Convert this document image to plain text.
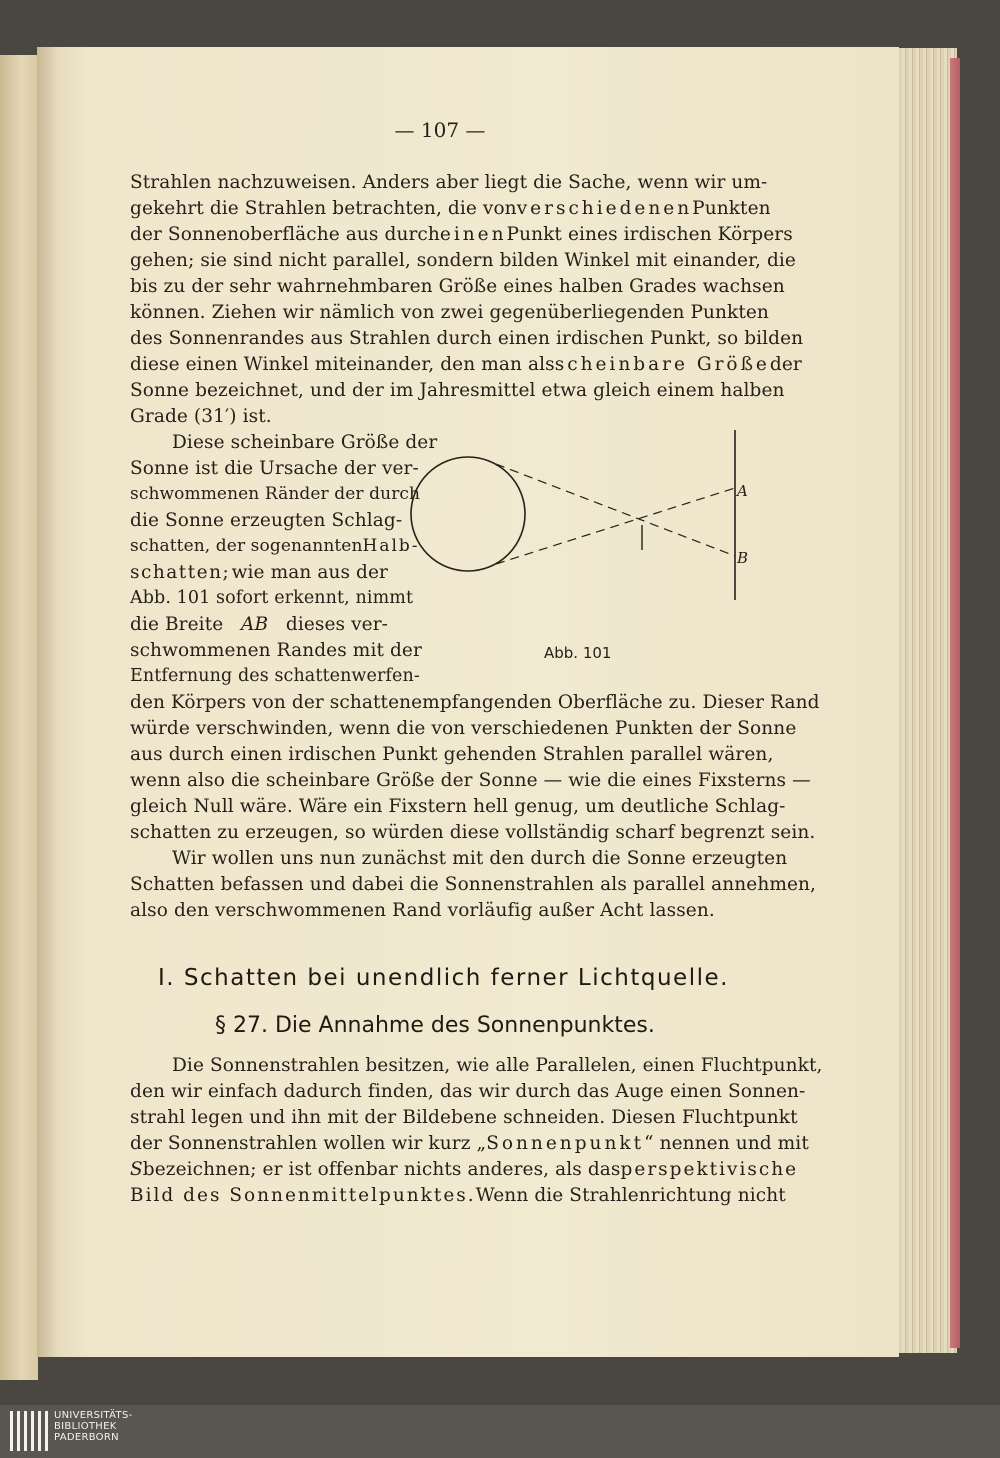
— 107 —
Strahlen nachzuweisen. Anders aber liegt die Sache, wenn wir um-
gekehrt die Strahlen betrachten, die von verschiedenen Punkten
der Sonnenoberfläche aus durch einen Punkt eines irdischen Körpers
gehen; sie sind nicht parallel, sondern bilden Winkel mit einander, die
bis zu der sehr wahrnehmbaren Größe eines halben Grades wachsen
können. Ziehen wir nämlich von zwei gegenüberliegenden Punkten
des Sonnenrandes aus Strahlen durch einen irdischen Punkt, so bilden
diese einen Winkel miteinander, den man als scheinbare Größe der
Sonne bezeichnet, und der im Jahresmittel etwa gleich einem halben
Grade (31′) ist.
Diese scheinbare Größe der
Sonne ist die Ursache der ver-
schwommenen Ränder der durch
die Sonne erzeugten Schlag-
schatten, der sogenannten Halb-
schatten; wie man aus der
Abb. 101 sofort erkennt, nimmt
die Breite AB dieses ver-
schwommenen Randes mit der
Entfernung des schattenwerfen-
den Körpers von der schattenempfangenden Oberfläche zu. Dieser Rand
würde verschwinden, wenn die von verschiedenen Punkten der Sonne
aus durch einen irdischen Punkt gehenden Strahlen parallel wären,
wenn also die scheinbare Größe der Sonne — wie die eines Fixsterns —
gleich Null wäre. Wäre ein Fixstern hell genug, um deutliche Schlag-
schatten zu erzeugen, so würden diese vollständig scharf begrenzt sein.
A
B
Abb. 101
Wir wollen uns nun zunächst mit den durch die Sonne erzeugten
Schatten befassen und dabei die Sonnenstrahlen als parallel annehmen,
also den verschwommenen Rand vorläufig außer Acht lassen.
I. Schatten bei unendlich ferner Lichtquelle.
§ 27. Die Annahme des Sonnenpunktes.
Die Sonnenstrahlen besitzen, wie alle Parallelen, einen Fluchtpunkt,
den wir einfach dadurch finden, das wir durch das Auge einen Sonnen-
strahl legen und ihn mit der Bildebene schneiden. Diesen Fluchtpunkt
der Sonnenstrahlen wollen wir kurz „Sonnenpunkt“ nennen und mit
S bezeichnen; er ist offenbar nichts anderes, als das perspektivische
Bild des Sonnenmittelpunktes. Wenn die Strahlenrichtung nicht
UNIVERSITÄTS-
BIBLIOTHEK
PADERBORN
